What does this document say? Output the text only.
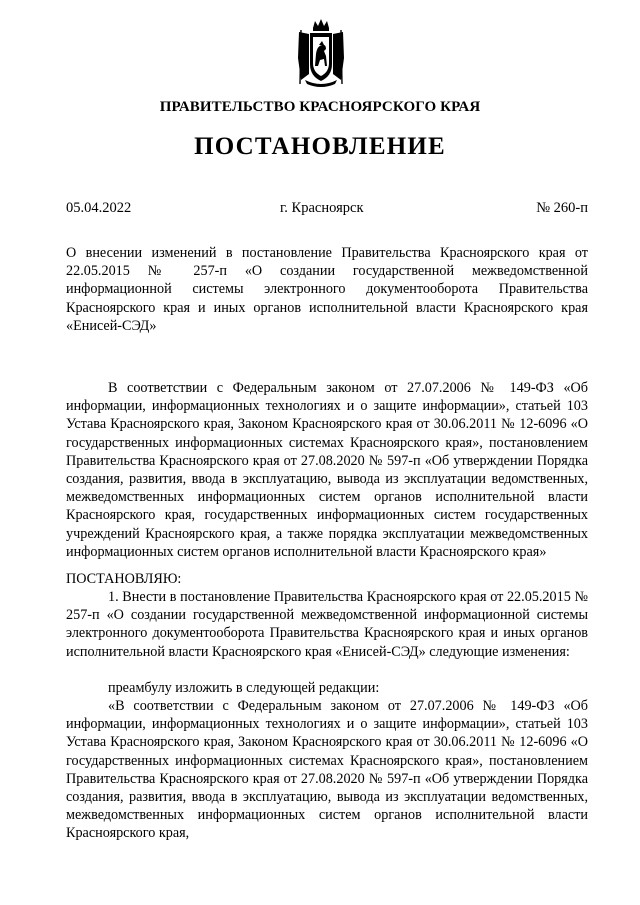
ПРАВИТЕЛЬСТВО КРАСНОЯРСКОГО КРАЯ
ПОСТАНОВЛЕНИЕ
05.04.2022	г. Красноярск	№ 260-п
О внесении изменений в постановление Правительства Красноярского края от 22.05.2015 № 257-п «О создании государственной межведомственной информационной системы электронного документооборота Правительства Красноярского края и иных органов исполнительной власти Красноярского края «Енисей-СЭД»
В соответствии с Федеральным законом от 27.07.2006 № 149-ФЗ «Об информации, информационных технологиях и о защите информации», статьей 103 Устава Красноярского края, Законом Красноярского края от 30.06.2011 № 12-6096 «О государственных информационных системах Красноярского края», постановлением Правительства Красноярского края от 27.08.2020 № 597-п «Об утверждении Порядка создания, развития, ввода в эксплуатацию, вывода из эксплуатации ведомственных, межведомственных информационных систем органов исполнительной власти Красноярского края, государственных информационных систем государственных учреждений Красноярского края, а также порядка эксплуатации межведомственных информационных систем органов исполнительной власти Красноярского края»
ПОСТАНОВЛЯЮ:
1. Внести в постановление Правительства Красноярского края от 22.05.2015 № 257-п «О создании государственной межведомственной информационной системы электронного документооборота Правительства Красноярского края и иных органов исполнительной власти Красноярского края «Енисей-СЭД» следующие изменения:
преамбулу изложить в следующей редакции:
«В соответствии с Федеральным законом от 27.07.2006 № 149-ФЗ «Об информации, информационных технологиях и о защите информации», статьей 103 Устава Красноярского края, Законом Красноярского края от 30.06.2011 № 12-6096 «О государственных информационных системах Красноярского края», постановлением Правительства Красноярского края от 27.08.2020 № 597-п «Об утверждении Порядка создания, развития, ввода в эксплуатацию, вывода из эксплуатации ведомственных, межведомственных информационных систем органов исполнительной власти Красноярского края,
